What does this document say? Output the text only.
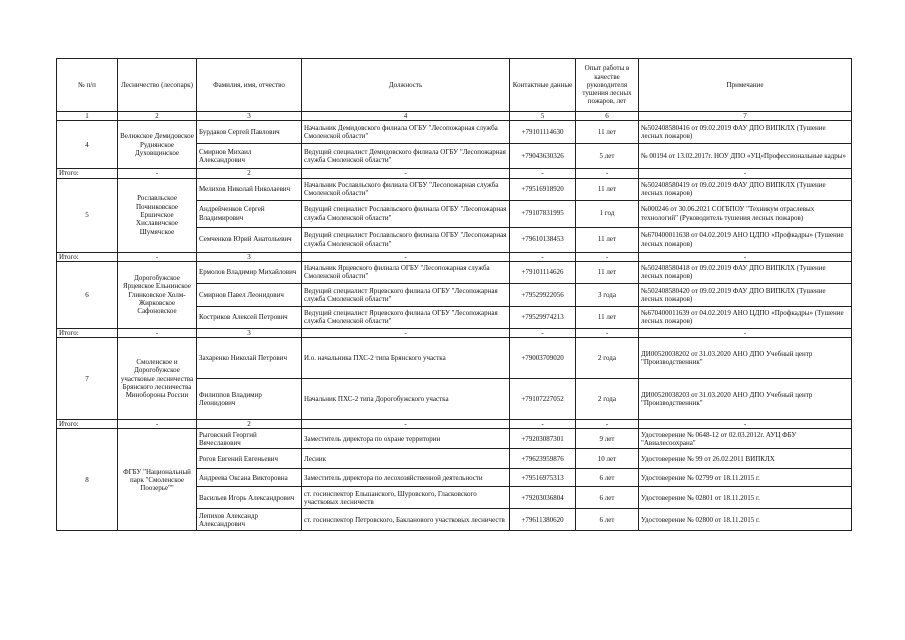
№ п/п	Лесничество (лесопарк)	Фамилия, имя, отчество	Должность	Контактные данные	Опыт работы в качестве руководителя тушения лесных пожаров, лет	Примечание
1	2	3	4	5	6	7
4	Велижское Демидовское Руднянское Духовщинское	Бурдаков Сергей Павлович	Начальник Демидовского филиала ОГБУ "Лесопожарная служба Смоленской области"	+79101114630	11 лет	№502408580416 от 09.02.2019 ФАУ ДПО ВИПКЛХ (Тушение лесных пожаров)
		Смирнов Михаил Александрович	Ведущий специалист Демидовского филиала ОГБУ "Лесопожарная служба Смоленской области"	+79043630326	5 лет	№ 00194 от 13.02.2017г. НОУ ДПО «УЦ«Профессиональные кадры»
Итого:	-	2	-	-	-	-
5	Рославльское Починковское Ершичское Хиславичское Шумячское	Мелихов Николай Николаевич	Начальник Рославльского филиала ОГБУ "Лесопожарная служба Смоленской области"	+79516918920	11 лет	№502408580419 от 09.02.2019 ФАУ ДПО ВИПКЛХ (Тушение лесных пожаров)
		Андрейченков Сергей Владимирович	Ведущий специалист Рославльского филиала ОГБУ "Лесопожарная служба Смоленской области"	+79107831995	1 год	№000246 от 30.06.2021 СОГБПОУ "Техникум отраслевых технологий" (Руководитель тушения лесных пожаров)
		Семченков Юрий Анатольевич	Ведущий специалист Рославльского филиала ОГБУ "Лесопожарная служба Смоленской области"	+79610138453	11 лет	№670400011638 от 04.02.2019 АНО ЦДПО «Профкадры» (Тушение лесных пожаров)
Итого:	-	3	-	-	-	-
6	Дорогобужское Ярцевское Ельнинское Глинковское Холм-Жирковское Сафоновское	Ермолов Владимир Михайлович	Начальник Ярцевского филиала ОГБУ "Лесопожарная служба Смоленской области"	+79101114626	11 лет	№502408580418 от 09.02.2019 ФАУ ДПО ВИПКЛХ (Тушение лесных пожаров)
		Смирнов Павел Леонидович	Ведущий специалист Ярцевского филиала ОГБУ "Лесопожарная служба Смоленской области"	+79529922056	3 года	№502408580420 от 09.02.2019 ФАУ ДПО ВИПКЛХ (Тушение лесных пожаров)
		Костриков Алексей Петрович	Ведущий специалист Ярцевского филиала ОГБУ "Лесопожарная служба Смоленской области"	+79529974213	11 лет	№670400011639 от 04.02.2019 АНО ЦДПО «Профкадры» (Тушение лесных пожаров)
Итого:	-	3	-	-	-	-
7	Смоленское и Дорогобужское участковые лесничества Брянского лесничества Минобороны России	Захаренко Николай Петрович	И.о. начальника ПХС-2 типа Брянского участка	+79003709020	2 года	ДИ00520038202 от 31.03.2020 АНО ДПО Учебный центр "Производственник"
		Филиппов Владимир Леонидович	Начальник ПХС-2 типа Дорогобужского участка	+79107227052	2 года	ДИ00520038203 от 31.03.2020 АНО ДПО Учебный центр "Производственник"
Итого:	-	2	-	-	-	-
8	ФГБУ "Национальный парк "Смоленское Поозерье""	Рыговский Георгий Вячеславович	Заместитель директора по охране территории	+79203087301	9 лет	Удостоверение № 0648-12 от 02.03.2012г. АУЦ ФБУ "Авиалесоохрана"
		Рогов Евгений Евгеньевич	Лесник	+79623959876	10 лет	Удостоверение № 99 от 26.02.2011 ВИПКЛХ
		Андреева Оксана Викторовна	Заместитель директора по лесохозяйственной деятельности	+79516975313	6 лет	Удостоверение № 02799 от 18.11.2015 г.
		Васильев Игорь Александрович	ст. госинспектор Ельшанского, Шуровского, Гласковского участковых лесничеств	+79203036804	6 лет	Удостоверение № 02801 от 18.11.2015 г.
		Лепихов Александр Александрович	ст. госинспектор Петровского, Бакланового участковых лесничеств	+79611380620	6 лет	Удостоверение № 02800 от 18.11.2015 г.
